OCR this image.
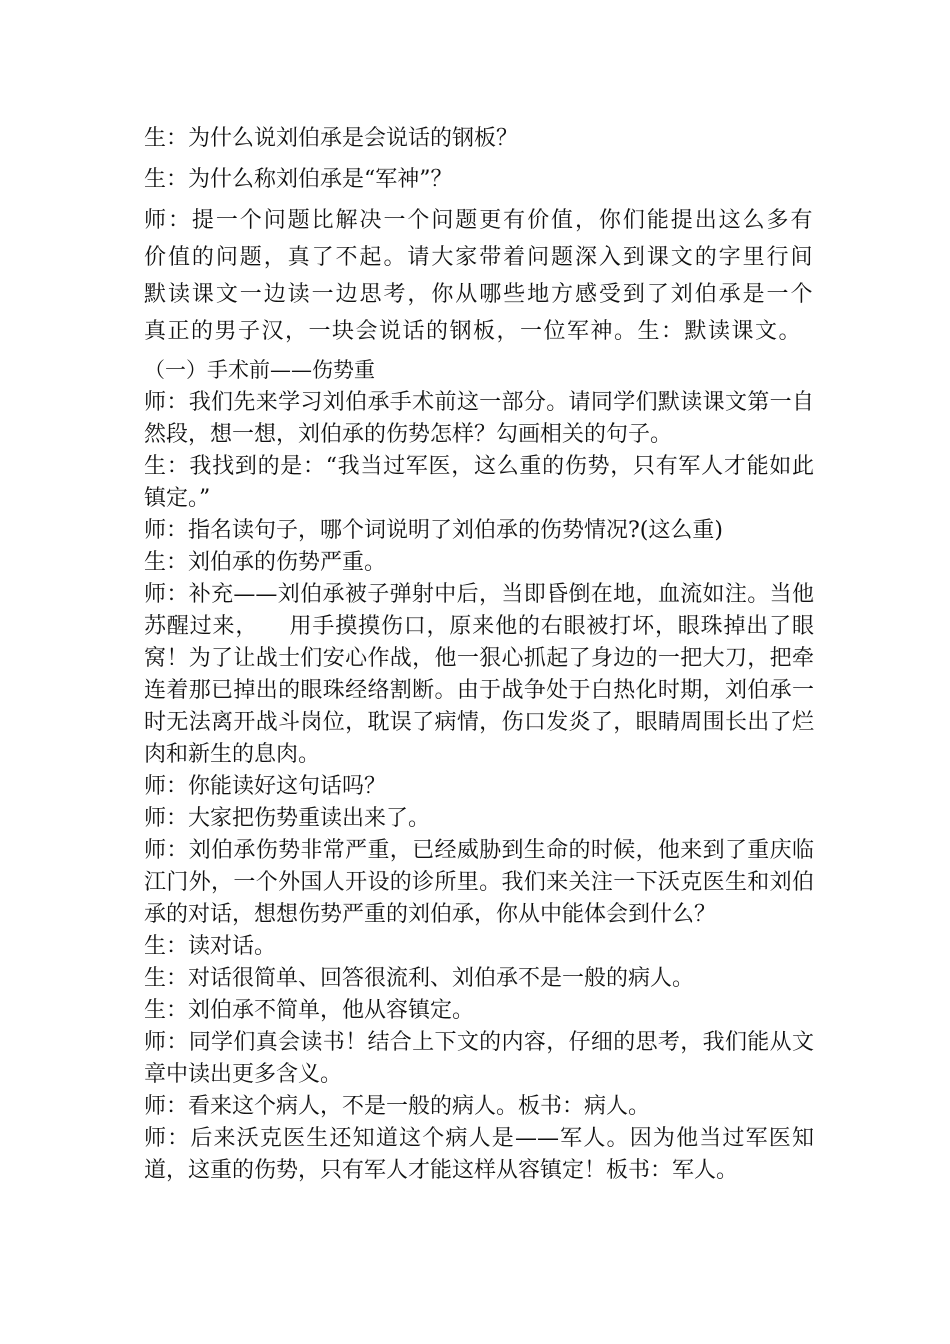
生：为什么说刘伯承是会说话的钢板？

生：为什么称刘伯承是“军神”？

师：提一个问题比解决一个问题更有价值，你们能提出这么多有价值的问题，真了不起。请大家带着问题深入到课文的字里行间默读课文一边读一边思考，你从哪些地方感受到了刘伯承是一个真正的男子汉，一块会说话的钢板，一位军神。生：默读课文。

（一）手术前——伤势重

师：我们先来学习刘伯承手术前这一部分。请同学们默读课文第一自然段，想一想，刘伯承的伤势怎样？勾画相关的句子。

生：我找到的是：“我当过军医，这么重的伤势，只有军人才能如此镇定。”

师：指名读句子，哪个词说明了刘伯承的伤势情况?(这么重)

生：刘伯承的伤势严重。

师：补充——刘伯承被子弹射中后，当即昏倒在地，血流如注。当他苏醒过来，    用手摸摸伤口，原来他的右眼被打坏，眼珠掉出了眼窝！为了让战士们安心作战，他一狠心抓起了身边的一把大刀，把牵连着那已掉出的眼珠经络割断。由于战争处于白热化时期，刘伯承一时无法离开战斗岗位，耽误了病情，伤口发炎了，眼睛周围长出了烂肉和新生的息肉。

师：你能读好这句话吗？

师：大家把伤势重读出来了。

师：刘伯承伤势非常严重，已经威胁到生命的时候，他来到了重庆临江门外，一个外国人开设的诊所里。我们来关注一下沃克医生和刘伯承的对话，想想伤势严重的刘伯承，你从中能体会到什么？

生：读对话。

生：对话很简单、回答很流利、刘伯承不是一般的病人。

生：刘伯承不简单，他从容镇定。

师：同学们真会读书！结合上下文的内容，仔细的思考，我们能从文章中读出更多含义。

师：看来这个病人，不是一般的病人。板书：病人。

师：后来沃克医生还知道这个病人是——军人。因为他当过军医知道，这重的伤势，只有军人才能这样从容镇定！板书：军人。
